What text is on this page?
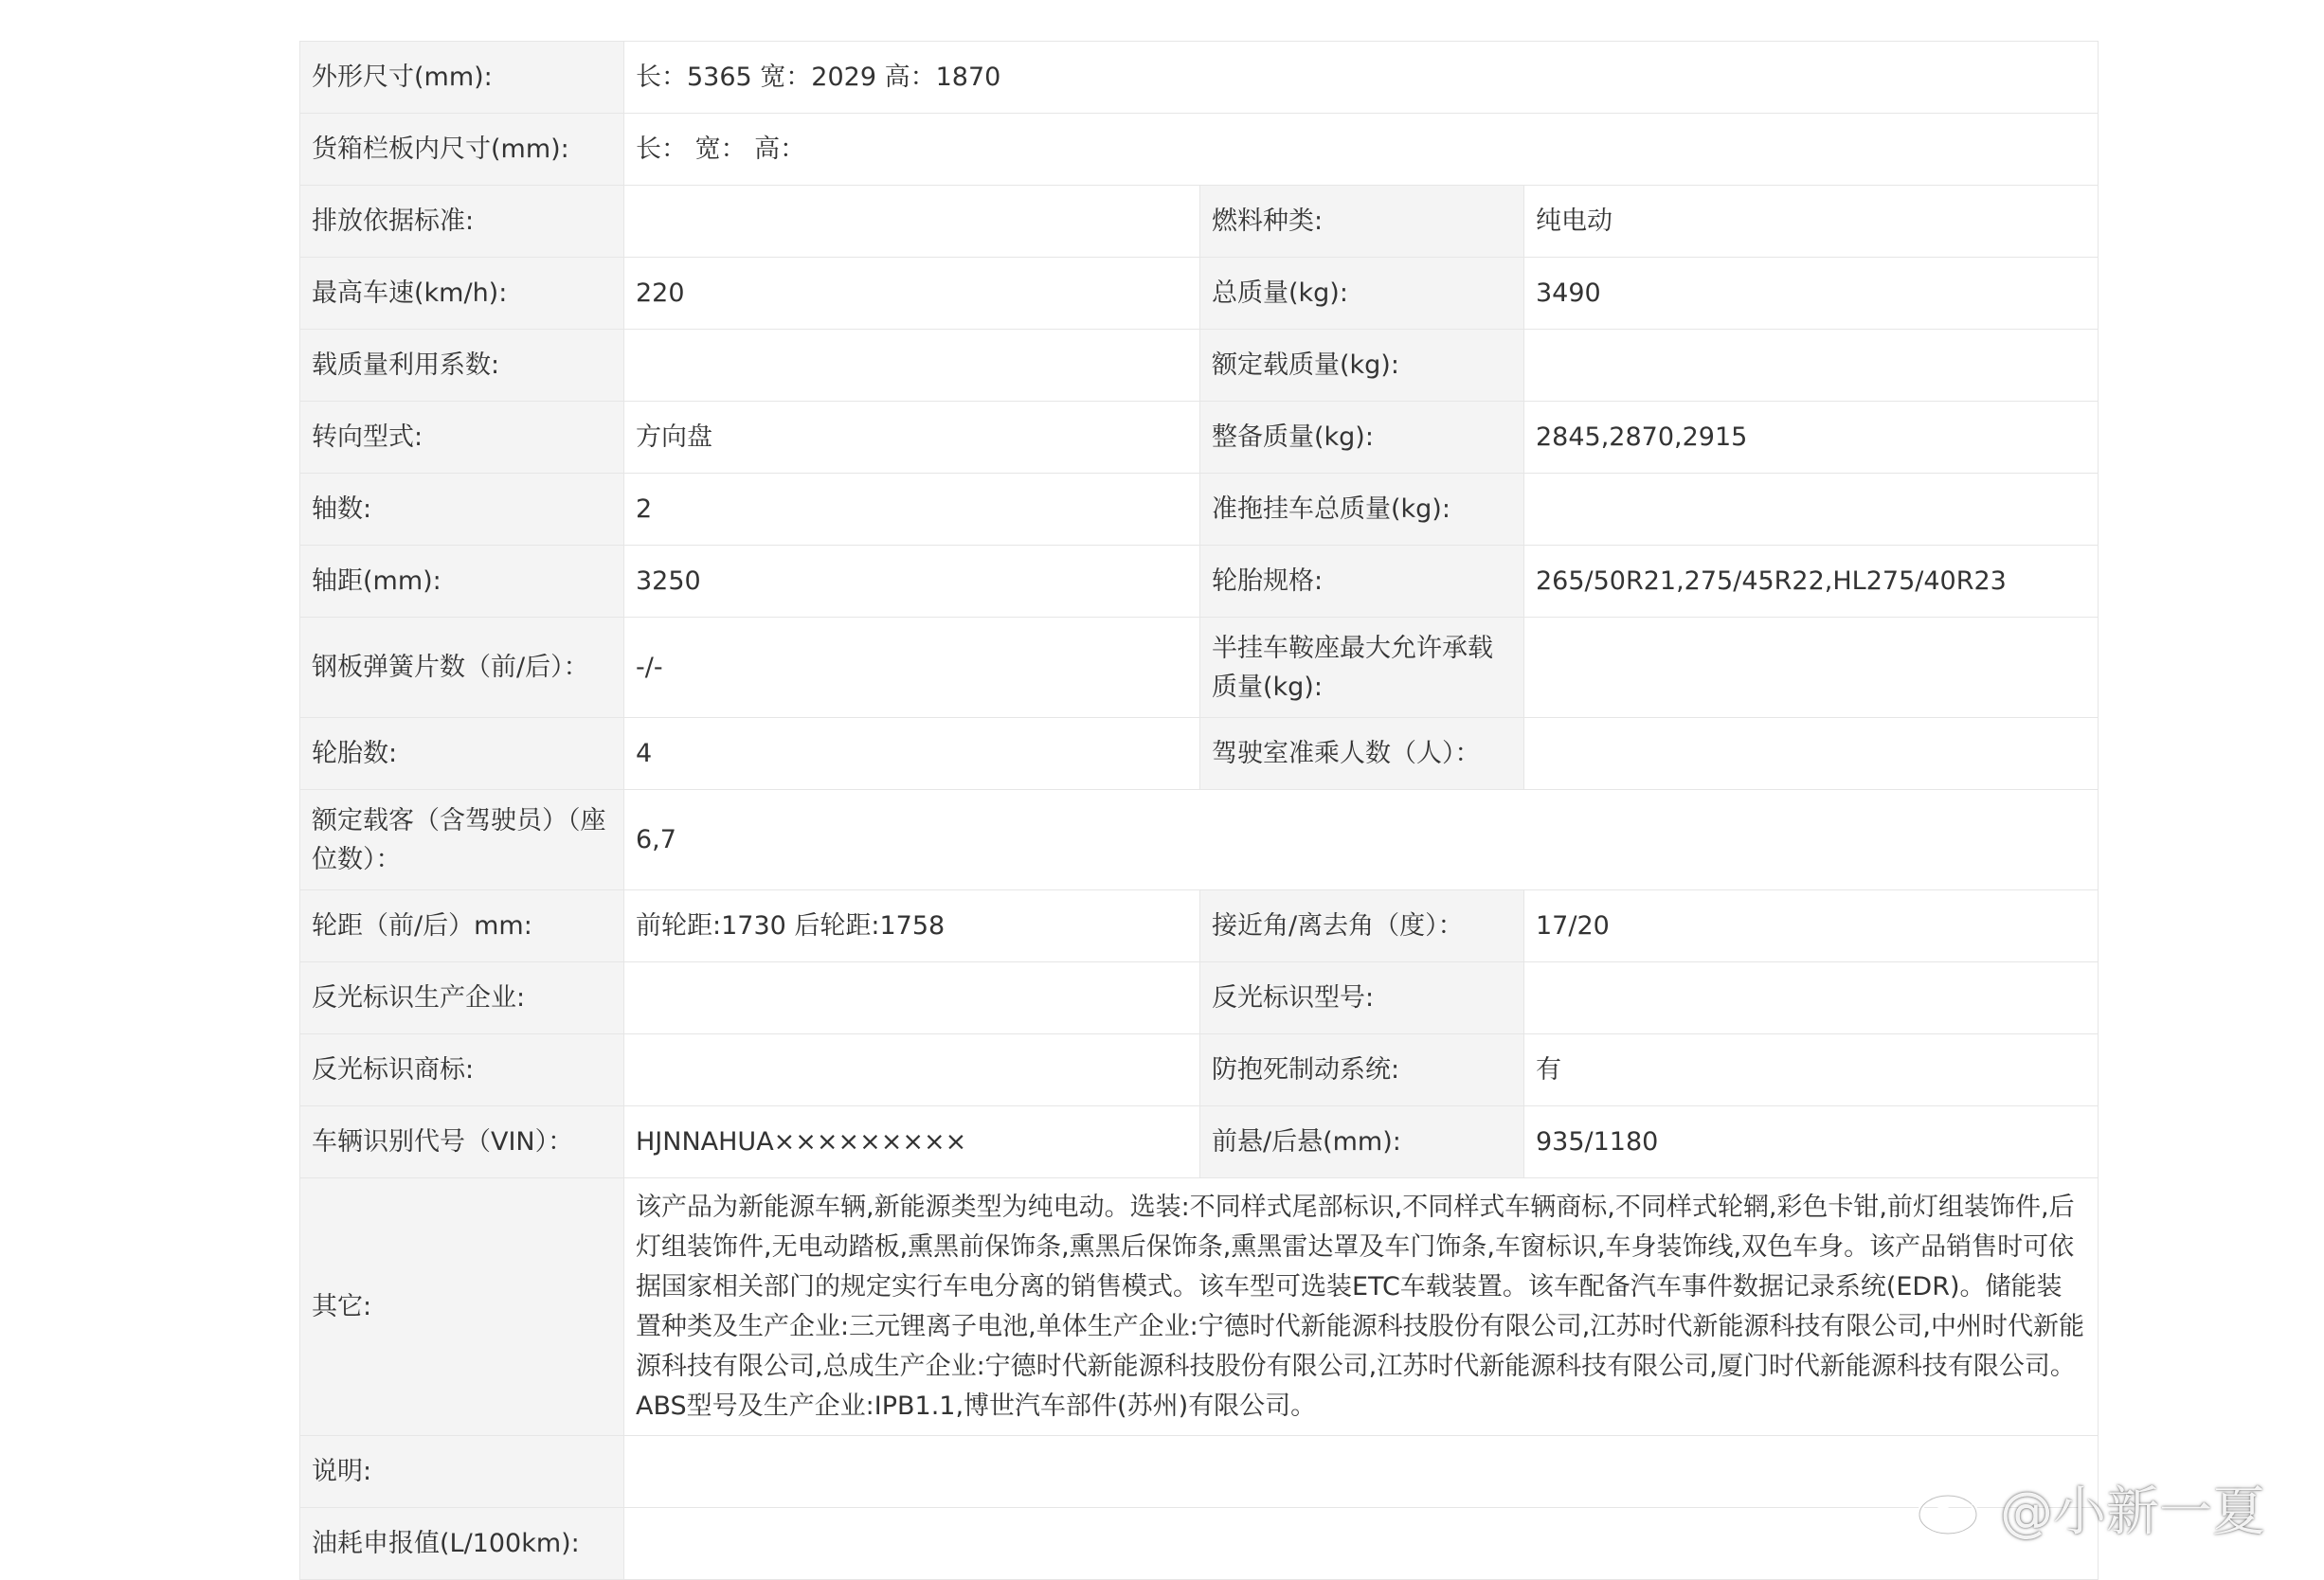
外形尺寸(mm):	长：5365 宽：2029 高：1870		
货箱栏板内尺寸(mm):	长： 宽： 高：		
排放依据标准:		燃料种类:	纯电动
最高车速(km/h):	220	总质量(kg):	3490
载质量利用系数:		额定载质量(kg):	
转向型式:	方向盘	整备质量(kg):	2845,2870,2915
轴数:	2	准拖挂车总质量(kg):	
轴距(mm):	3250	轮胎规格:	265/50R21,275/45R22,HL275/40R23
钢板弹簧片数（前/后）：	-/-	半挂车鞍座最大允许承载质量(kg):	
轮胎数:	4	驾驶室准乘人数（人）：	
额定载客（含驾驶员）（座位数）：	6,7		
轮距（前/后）mm:	前轮距:1730 后轮距:1758	接近角/离去角（度）：	17/20
反光标识生产企业:		反光标识型号:	
反光标识商标:		防抱死制动系统:	有
车辆识别代号（VIN）：	HJNNAHUA×××××××××	前悬/后悬(mm):	935/1180
其它:	该产品为新能源车辆,新能源类型为纯电动。选装:不同样式尾部标识,不同样式车辆商标,不同样式轮辋,彩色卡钳,前灯组装饰件,后灯组装饰件,无电动踏板,熏黑前保饰条,熏黑后保饰条,熏黑雷达罩及车门饰条,车窗标识,车身装饰线,双色车身。该产品销售时可依据国家相关部门的规定实行车电分离的销售模式。该车型可选装ETC车载装置。该车配备汽车事件数据记录系统(EDR)。储能装置种类及生产企业:三元锂离子电池,单体生产企业:宁德时代新能源科技股份有限公司,江苏时代新能源科技有限公司,中州时代新能源科技有限公司,总成生产企业:宁德时代新能源科技股份有限公司,江苏时代新能源科技有限公司,厦门时代新能源科技有限公司。ABS型号及生产企业:IPB1.1,博世汽车部件(苏州)有限公司。		
说明:			
油耗申报值(L/100km):			
@小新一夏
